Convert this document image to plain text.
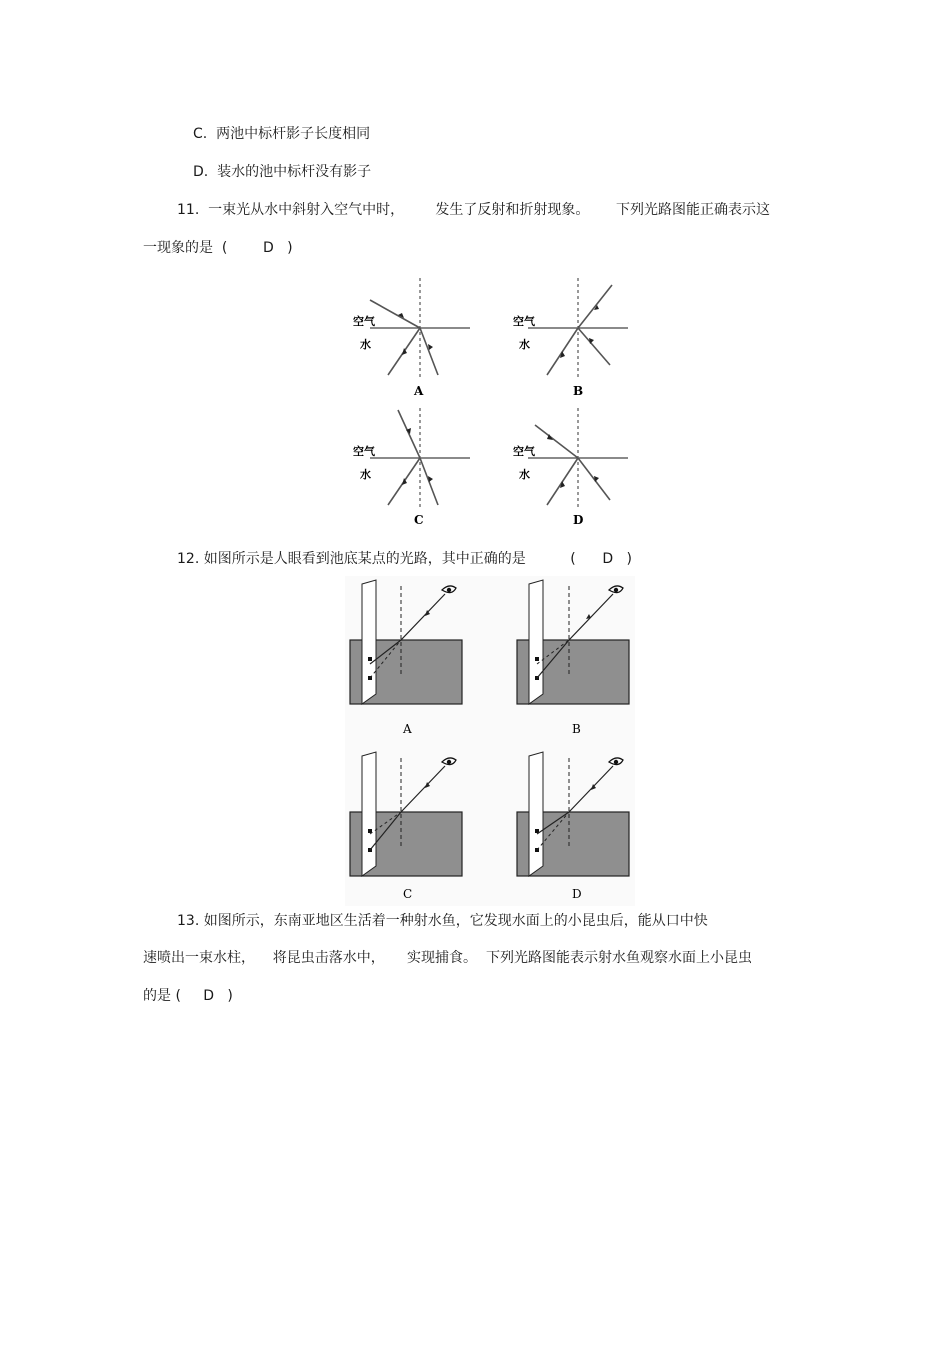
C. 两池中标杆影子长度相同
D. 装水的池中标杆没有影子
11.  一束光从水中斜射入空气中时，       发生了反射和折射现象。      下列光路图能正确表示这
一现象的是  (	D )
空气
水
A
空气
水
B
空气
水
C
空气
水
D
12. 如图所示是人眼看到池底某点的光路，其中正确的是	( D )
A	B
C	D
13. 如图所示，东南亚地区生活着一种射水鱼，它发现水面上的小昆虫后，能从口中快
速喷出一束水柱，    将昆虫击落水中，     实现捕食。  下列光路图能表示射水鱼观察水面上小昆虫
的是 ( D )
